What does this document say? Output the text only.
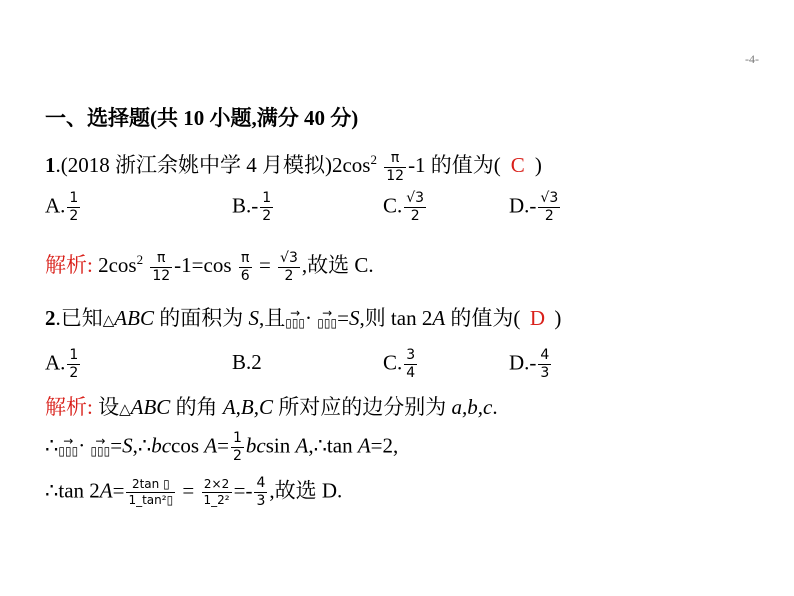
-4-
一、选择题(共 10 小题,满分 40 分)
1.(2018 浙江余姚中学 4 月模拟)$2\cos^2 \frac{\pi}{12} -1$ 的值为( C )
A. $\frac{1}{2}$	$B.- \frac{1}{2}$	C. $\frac{√3}{2}$	$D.- \frac{√3}{2}$
解析: $2\cos^2 \frac{\pi}{12} -1=\cos \frac{\pi}{6} = \frac{√3}{2}$ ,故选 C.
2.已知△ABC 的面积为 S,且→ ▯▯▯· → ▯▯▯=S,则 tan 2A 的值为( D )
A. $\frac{1}{2}$	B.2	C. $\frac{3}{4}$	$D.- \frac{4}{3}$
解析: 设△ABC 的角 A,B,C 所对应的边分别为 a,b,c.
∴→ ▯▯▯· → ▯▯▯=S,∴bccos $A= \frac{1}{2}$ bcsin A,∴tan A=2,
∴tan $2A= \frac{2\tan ▯}{\text{1\_tan²▯}} = \frac{2\times 2}{\text{1\_2²}} =- \frac{4}{3}$ ,故选 D.
